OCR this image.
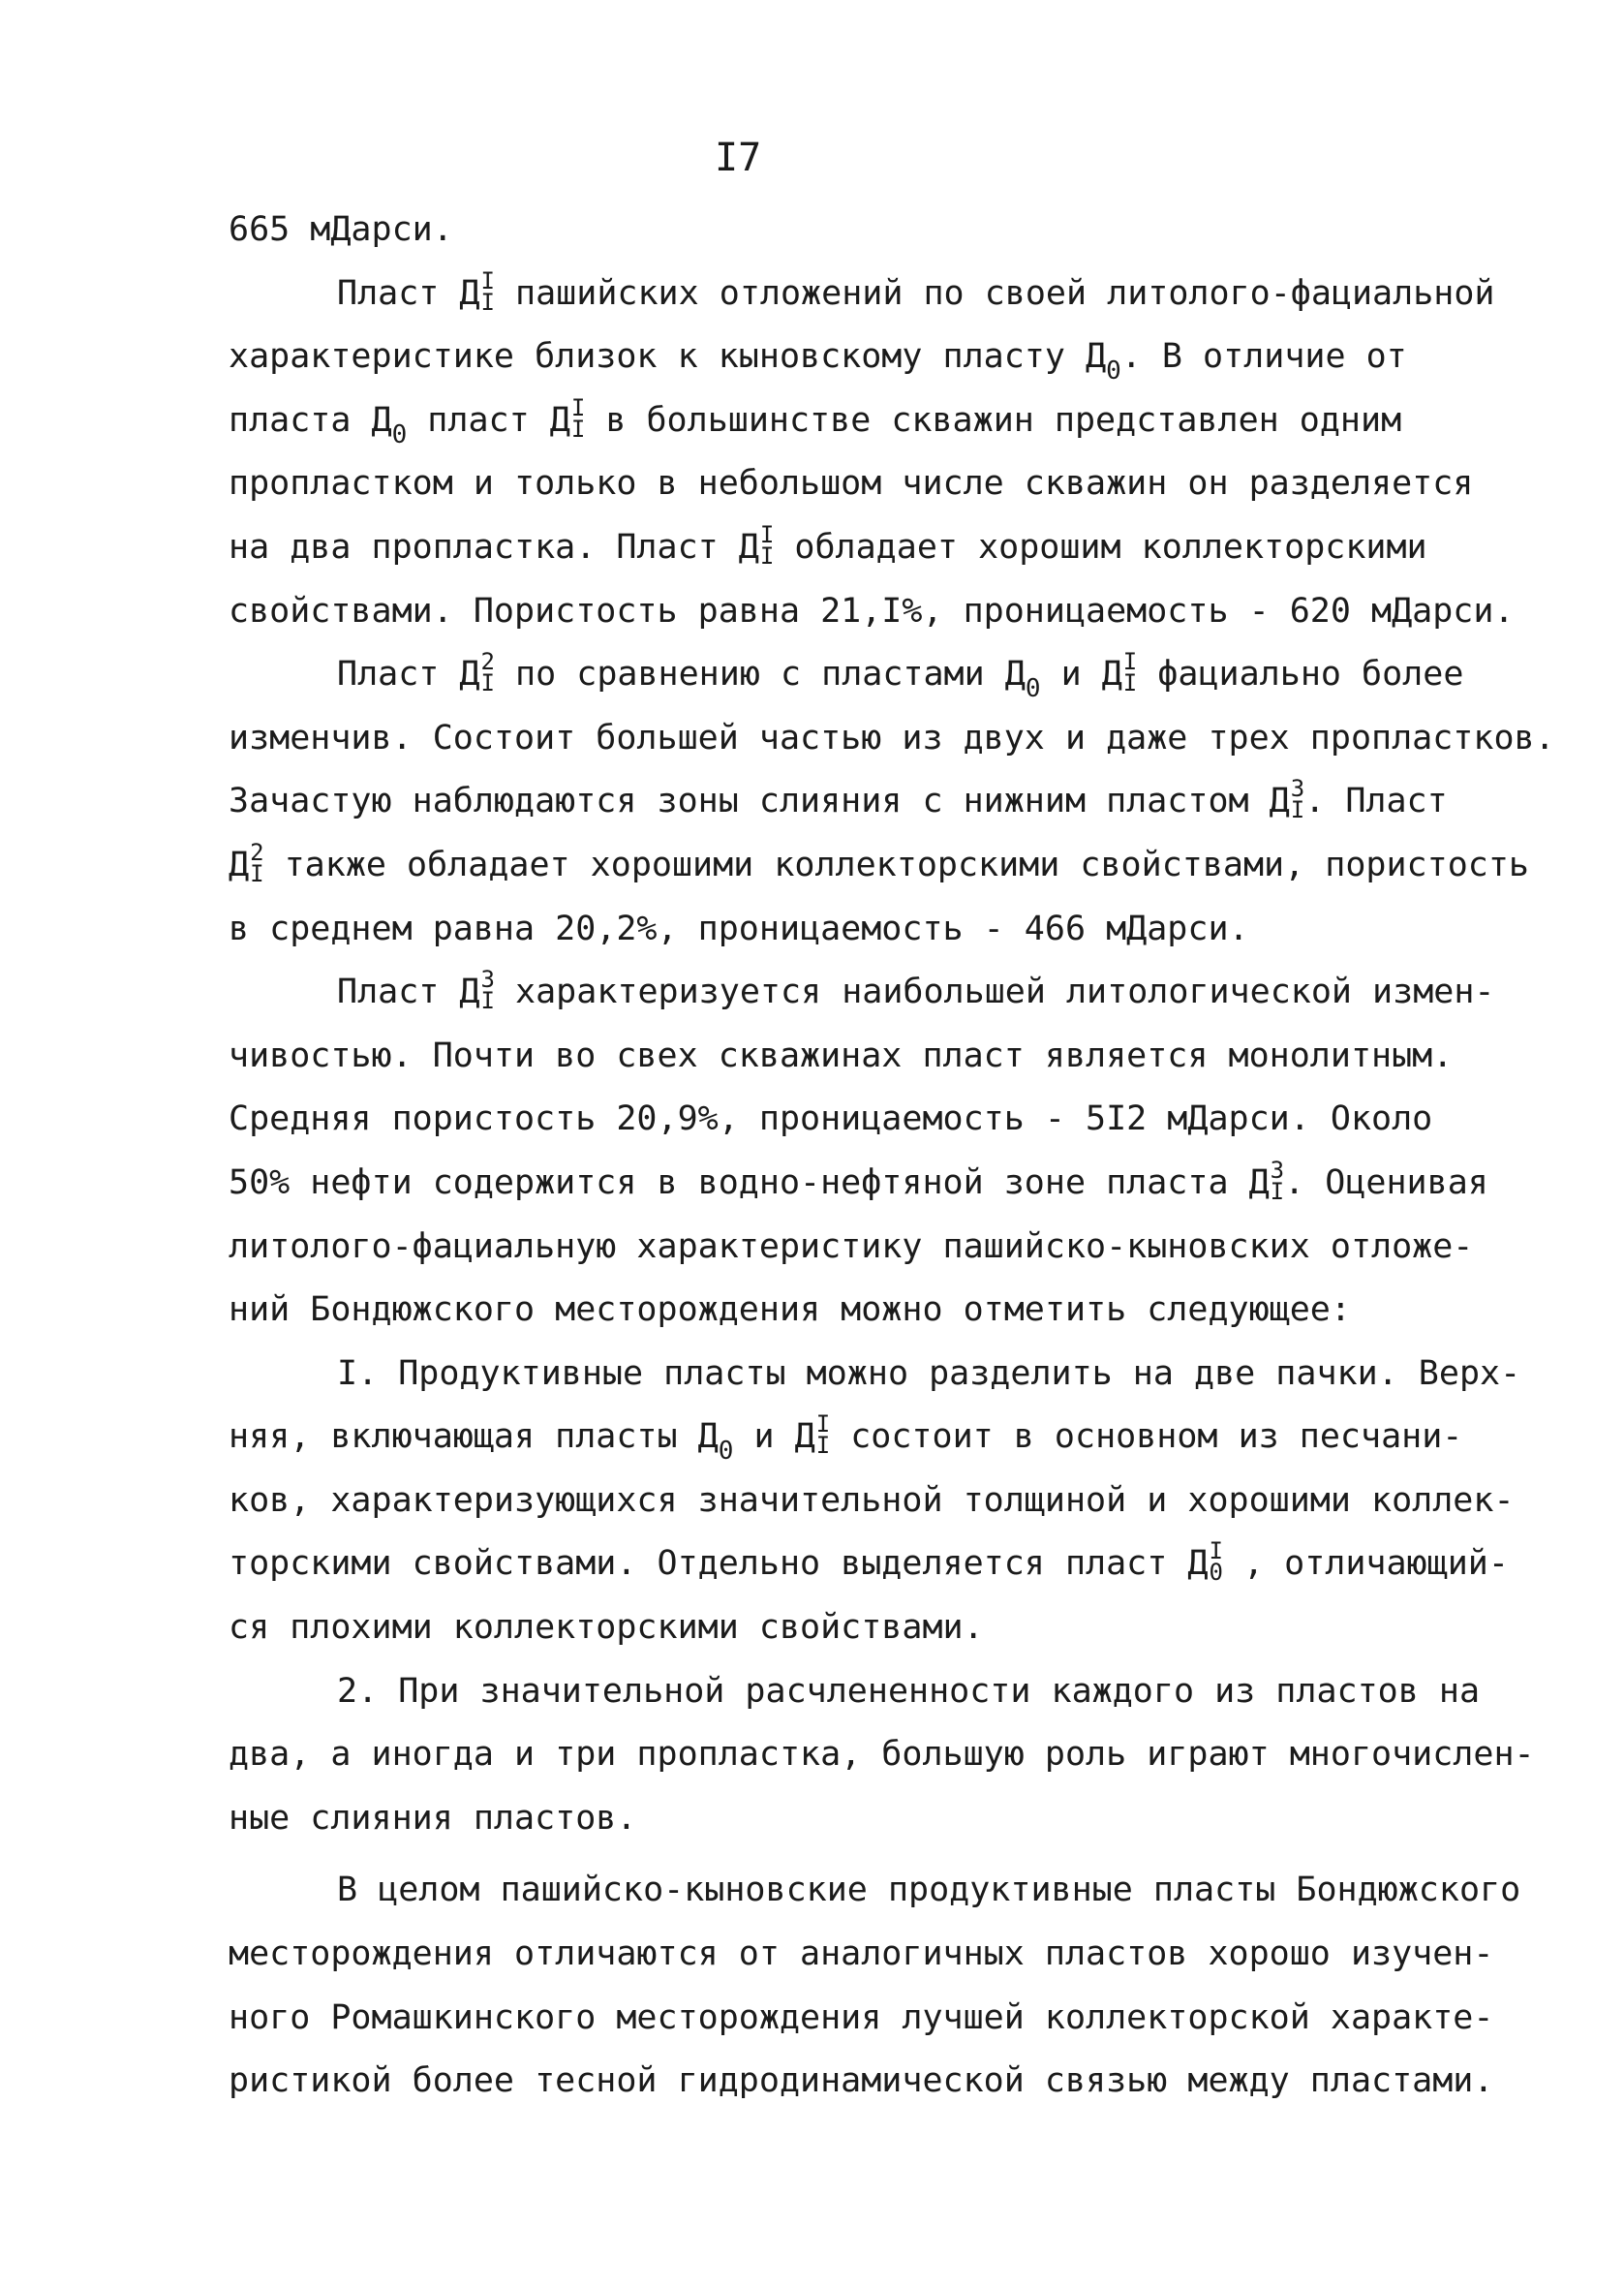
I7
665 мДарси.
Пласт Д I
I пашийских отложений по своей литолого-фациальной
характеристике близок к кыновскому пласту $Д_0$. В отличие от
пласта $Д_0$ пласт Д I
I в большинстве скважин представлен одним
пропластком и только в небольшом числе скважин он разделяется
на два пропластка. Пласт Д I
I обладает хорошим коллекторскими
свойствами. Пористость равна 21,I%, проницаемость - 620 мДарси.
Пласт Д 2
I по сравнению с пластами $Д_0$ и Д I
I фациально более
изменчив. Состоит большей частью из двух и даже трех пропластков.
Зачастую наблюдаются зоны слияния с нижним пластом Д 3
I . Пласт
Д 2
I также обладает хорошими коллекторскими свойствами, пористость
в среднем равна 20,2%, проницаемость - 466 мДарси.
Пласт Д 3
I характеризуется наибольшей литологической измен-
чивостью. Почти во свех скважинах пласт является монолитным.
Средняя пористость 20,9%, проницаемость - 5I2 мДарси. Около
50% нефти содержится в водно-нефтяной зоне пласта Д 3
I . Оценивая
литолого-фациальную характеристику пашийско-кыновских отложе-
ний Бондюжского месторождения можно отметить следующее:
I. Продуктивные пласты можно разделить на две пачки. Верх-
няя, включающая пласты $Д_0$ и Д I
I состоит в основном из песчани-
ков, характеризующихся значительной толщиной и хорошими коллек-
торскими свойствами. Отдельно выделяется пласт Д I
0 , отличающий-
ся плохими коллекторскими свойствами.
2. При значительной расчлененности каждого из пластов на
два, а иногда и три пропластка, большую роль играют многочислен-
ные слияния пластов.
В целом пашийско-кыновские продуктивные пласты Бондюжского
месторождения отличаются от аналогичных пластов хорошо изучен-
ного Ромашкинского месторождения лучшей коллекторской характе-
ристикой более тесной гидродинамической связью между пластами.
